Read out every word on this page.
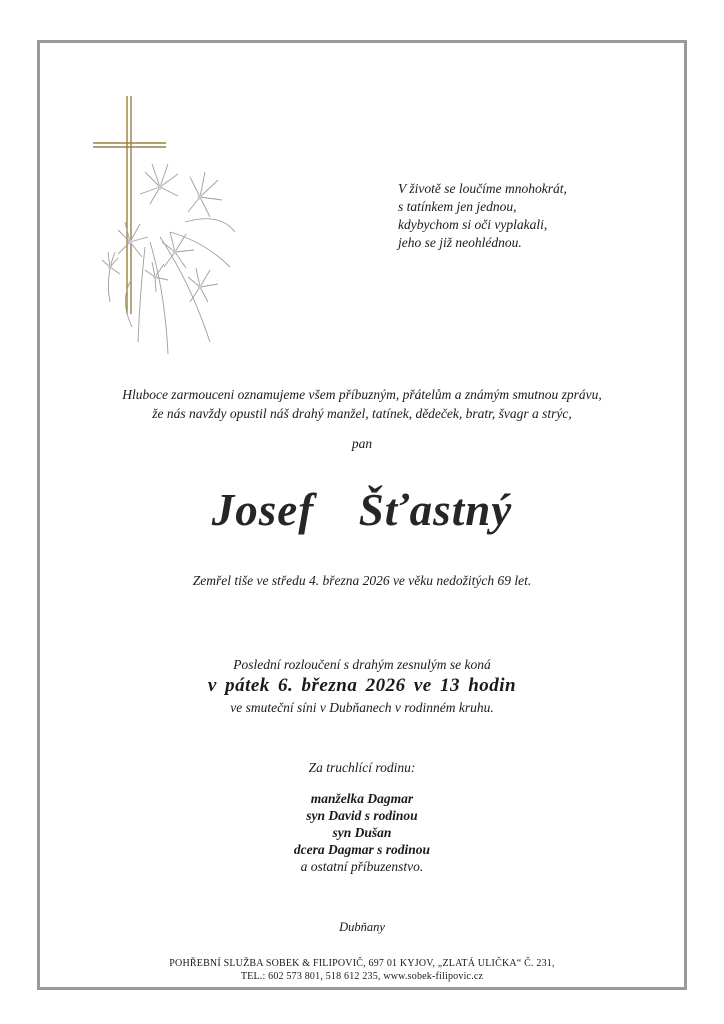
V životě se loučíme mnohokrát,
s tatínkem jen jednou,
kdybychom si oči vyplakali,
jeho se již neohlédnou.
Hluboce zarmouceni oznamujeme všem příbuzným, přátelům a známým smutnou zprávu,
že nás navždy opustil náš drahý manžel, tatínek, dědeček, bratr, švagr a strýc,
pan
Josef  Šťastný
Zemřel tiše ve středu 4. března 2026 ve věku nedožitých 69 let.
Poslední rozloučení s drahým zesnulým se koná
v pátek 6. března 2026 ve 13 hodin
ve smuteční síni v Dubňanech v rodinném kruhu.
Za truchlící rodinu:
manželka Dagmar
syn David s rodinou
syn Dušan
dcera Dagmar s rodinou
a ostatní příbuzenstvo.
Dubňany
POHŘEBNÍ SLUŽBA SOBEK & FILIPOVIČ, 697 01 KYJOV, „ZLATÁ ULIČKA“ Č. 231,
TEL.: 602 573 801, 518 612 235, www.sobek-filipovic.cz
